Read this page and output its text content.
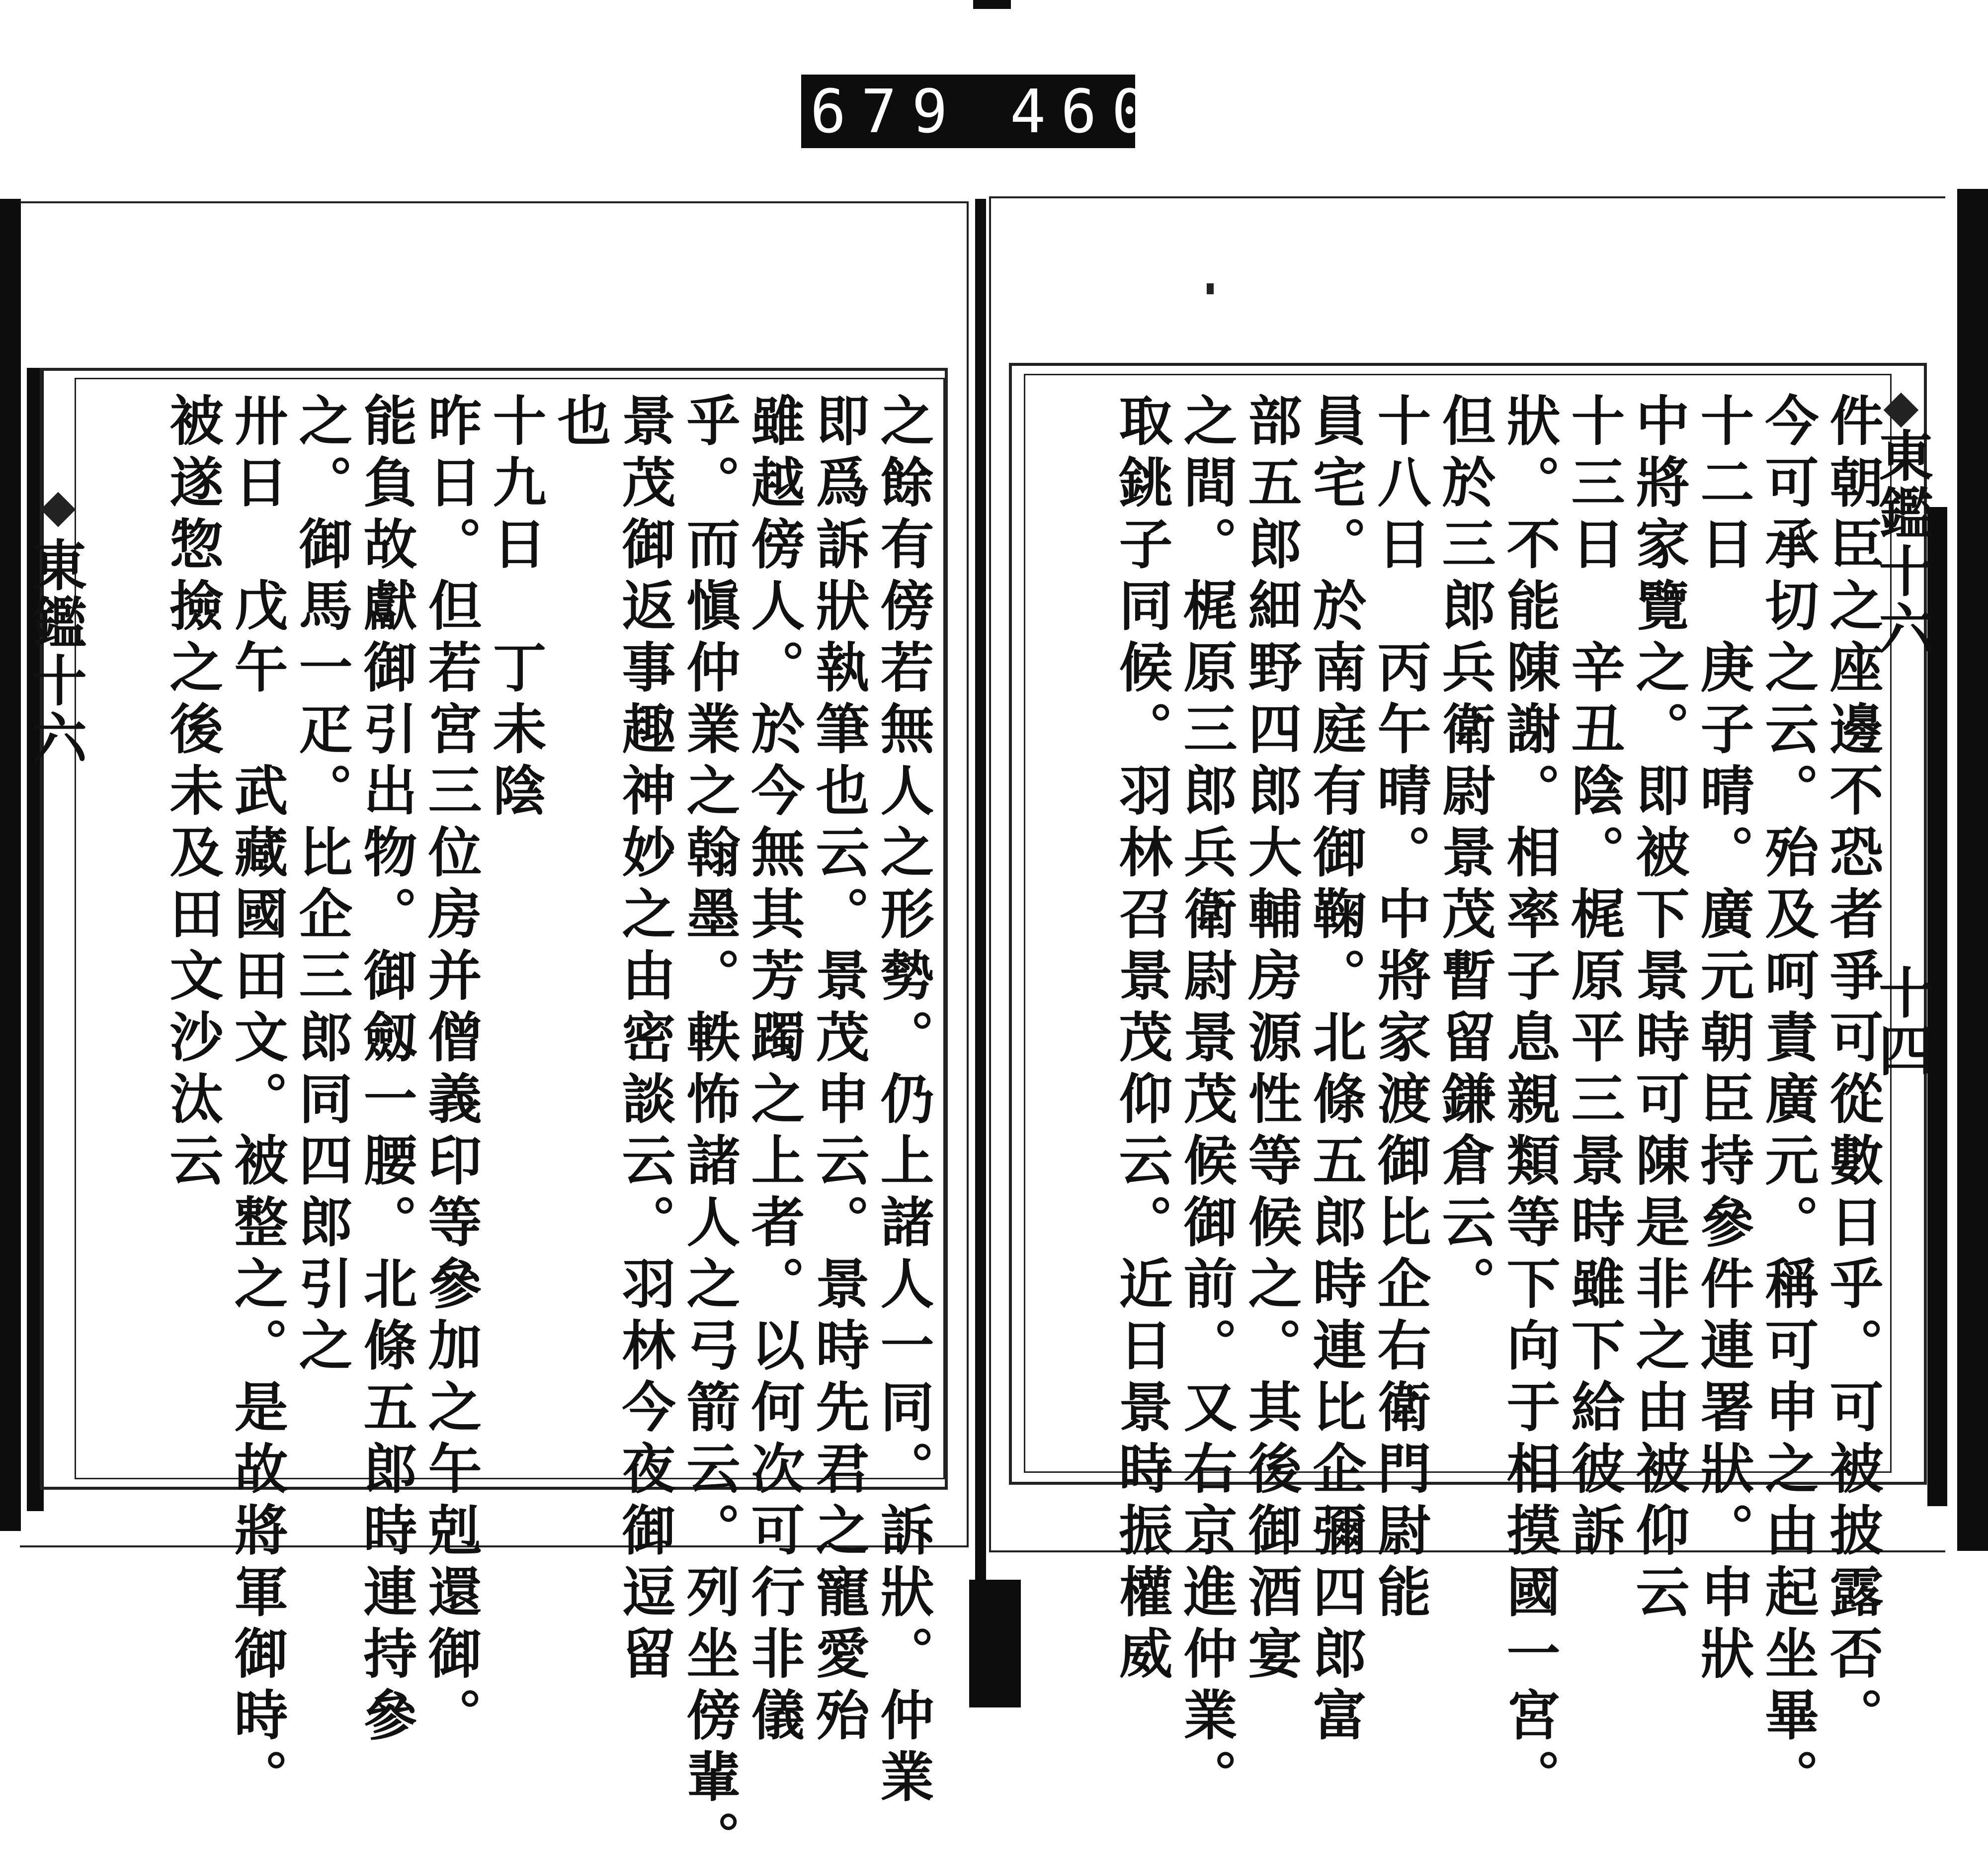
679 460.
東鑑十六	東鑑十六
十四
之餘有傍若無人之形勢。仍上諸人一同。訴狀。仲業
即爲訴狀執筆也云。景茂申云。景時先君之寵愛殆
雖越傍人。於今無其芳躅之上者。以何次可行非儀
乎。而愼仲業之翰墨。軼怖諸人之弓箭云。列坐傍輩。
景茂御返事趣神妙之由密談云。羽林今夜御逗留
也
十九日　丁未陰
昨日。但若宮三位房并僧義印等參加之午剋還御。
能負故獻御引出物。御劔一腰。北條五郎時連持參
之。御馬一疋。比企三郎同四郎引之
卅日　戊午　武藏國田文。被整之。是故將軍御時。
被遂惣撿之後未及田文沙汰云	件朝臣之座邊不恐者爭可從數日乎。可被披露否。
今可承切之云。殆及呵責廣元。稱可申之由起坐畢。
十二日　庚子晴。廣元朝臣持參件連署狀。申狀
中將家覽之。即被下景時可陳是非之由被仰云
十三日　辛丑陰。梶原平三景時雖下給彼訴
狀。不能陳謝。相率子息親類等下向于相摸國一宮。
但於三郎兵衛尉景茂暫留鎌倉云。
十八日　丙午晴。中將家渡御比企右衛門尉能
員宅。於南庭有御鞠。北條五郎時連比企彌四郎富
部五郎細野四郎大輔房源性等候之。其後御酒宴
之間。梶原三郎兵衛尉景茂候御前。又右京進仲業。
取銚子同候。羽林召景茂仰云。近日景時振權威
